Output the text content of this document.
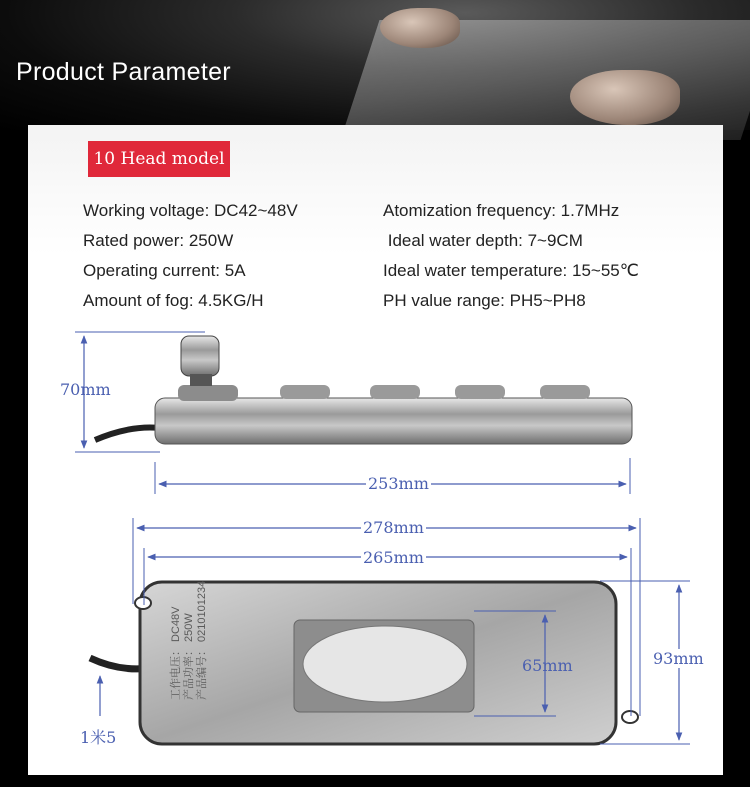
Product Parameter
10 Head model
Working voltage: DC42~48V
Rated power: 250W
Operating current: 5A
Amount of fog: 4.5KG/H
Atomization frequency: 1.7MHz
Ideal water depth: 7~9CM
Ideal water temperature: 15~55℃
PH value range: PH5~PH8
工作电压： DC48V 产品功率： 250W 产品编号： 0210101234
70mm
253mm
278mm
265mm
93mm
65mm
1米5
